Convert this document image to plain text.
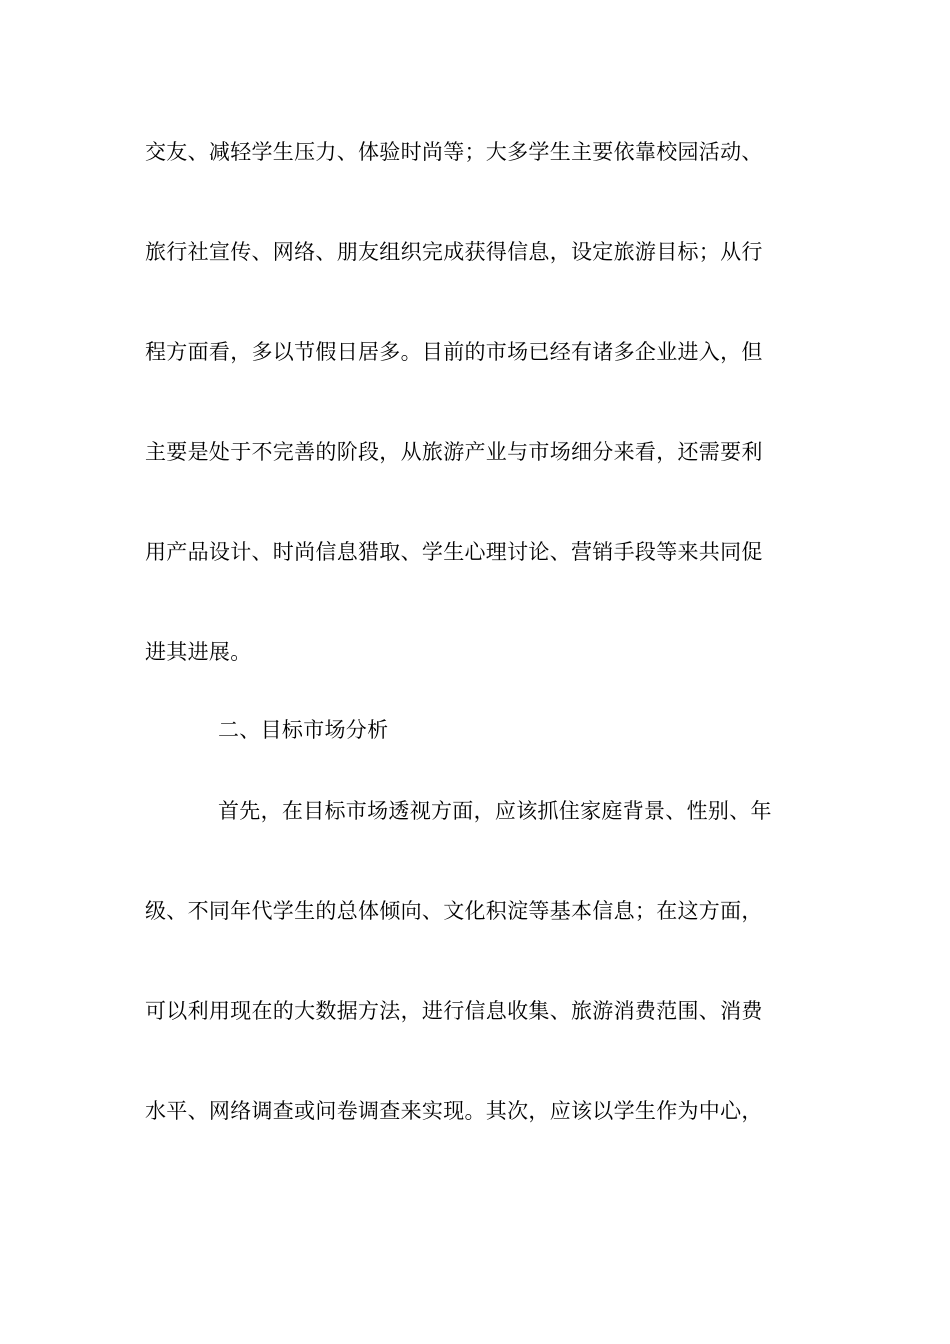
交友、减轻学生压力、体验时尚等；大多学生主要依靠校园活动、
旅行社宣传、网络、朋友组织完成获得信息，设定旅游目标；从行
程方面看，多以节假日居多。目前的市场已经有诸多企业进入，但
主要是处于不完善的阶段，从旅游产业与市场细分来看，还需要利
用产品设计、时尚信息猎取、学生心理讨论、营销手段等来共同促
进其进展。
二、目标市场分析
首先，在目标市场透视方面，应该抓住家庭背景、性别、年
级、不同年代学生的总体倾向、文化积淀等基本信息；在这方面，
可以利用现在的大数据方法，进行信息收集、旅游消费范围、消费
水平、网络调查或问卷调查来实现。其次，应该以学生作为中心，
